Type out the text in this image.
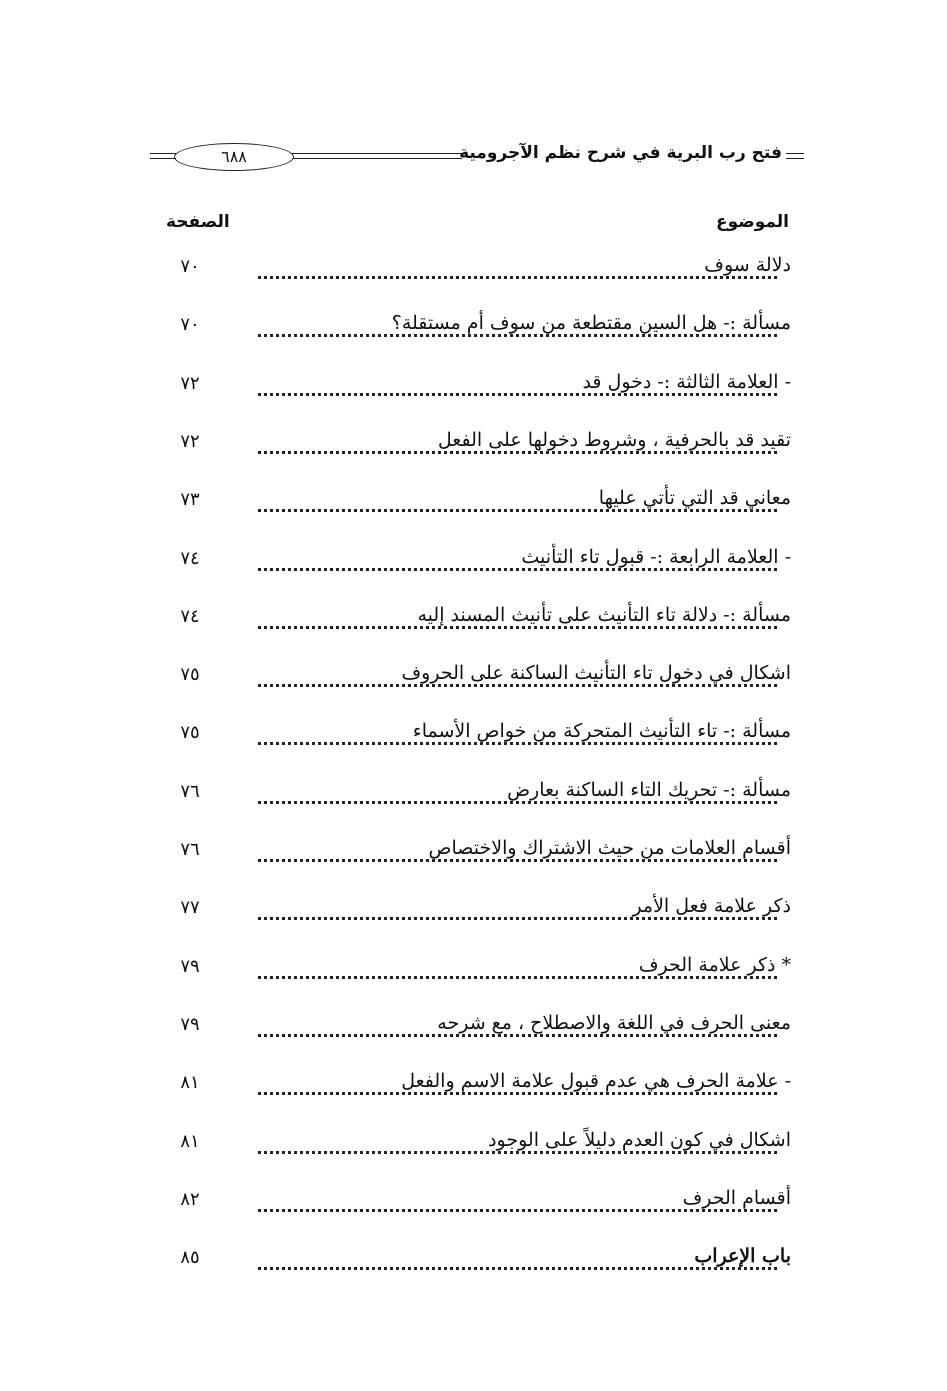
فتح رب البرية في شرح نظم الآجرومية
٦٨٨
الموضوع
الصفحة
دلالة سوف
٧٠
مسألة :- هل السين مقتطعة من سوف أم مستقلة؟
٧٠
- العلامة الثالثة :- دخول قد
٧٢
تقيد قد بالحرفية ، وشروط دخولها على الفعل
٧٢
معاني قد التي تأتي عليها
٧٣
- العلامة الرابعة :- قبول تاء التأنيث
٧٤
مسألة :- دلالة تاء التأنيث على تأنيث المسند إليه
٧٤
اشكال في دخول تاء التأنيث الساكنة على الحروف
٧٥
مسألة :- تاء التأنيث المتحركة من خواص الأسماء
٧٥
مسألة :- تحريك التاء الساكنة بعارض
٧٦
أقسام العلامات من حيث الاشتراك والاختصاص
٧٦
ذكر علامة فعل الأمر
٧٧
* ذكر علامة الحرف
٧٩
معنى الحرف في اللغة والاصطلاح ، مع شرحه
٧٩
- علامة الحرف هي عدم قبول علامة الاسم والفعل
٨١
اشكال في كون العدم دليلاً على الوجود
٨١
أقسام الحرف
٨٢
باب الإعراب
٨٥
